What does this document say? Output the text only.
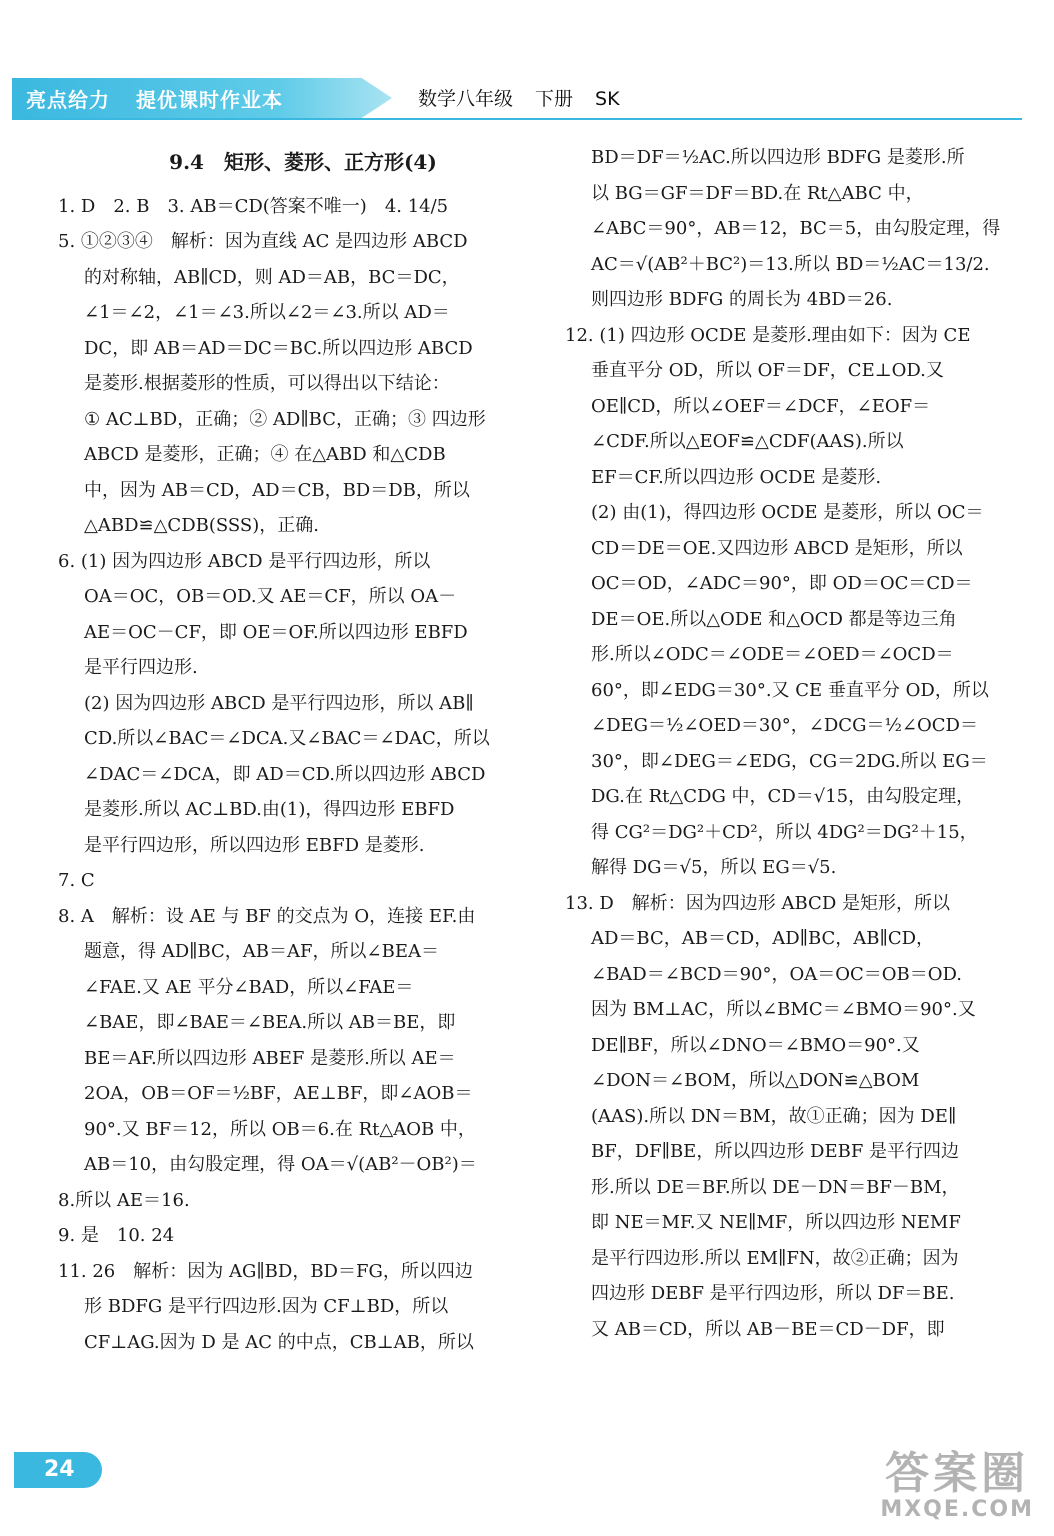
亮点给力 提优课时作业本	数学八年级 下册 SK
9.4　矩形、菱形、正方形(4)
1. D　2. B　3. AB＝CD(答案不唯一)　4. 14/5
5. ①②③④　解析：因为直线 AC 是四边形 ABCD
的对称轴，AB∥CD，则 AD＝AB，BC＝DC，
∠1＝∠2，∠1＝∠3.所以∠2＝∠3.所以 AD＝
DC，即 AB＝AD＝DC＝BC.所以四边形 ABCD
是菱形.根据菱形的性质，可以得出以下结论：
① AC⊥BD，正确；② AD∥BC，正确；③ 四边形
ABCD 是菱形，正确；④ 在△ABD 和△CDB
中，因为 AB＝CD，AD＝CB，BD＝DB，所以
△ABD≌△CDB(SSS)，正确.
6. (1) 因为四边形 ABCD 是平行四边形，所以
OA＝OC，OB＝OD.又 AE＝CF，所以 OA－
AE＝OC－CF，即 OE＝OF.所以四边形 EBFD
是平行四边形.
(2) 因为四边形 ABCD 是平行四边形，所以 AB∥
CD.所以∠BAC＝∠DCA.又∠BAC＝∠DAC，所以
∠DAC＝∠DCA，即 AD＝CD.所以四边形 ABCD
是菱形.所以 AC⊥BD.由(1)，得四边形 EBFD
是平行四边形，所以四边形 EBFD 是菱形.
7. C
8. A　解析：设 AE 与 BF 的交点为 O，连接 EF.由
题意，得 AD∥BC，AB＝AF，所以∠BEA＝
∠FAE.又 AE 平分∠BAD，所以∠FAE＝
∠BAE，即∠BAE＝∠BEA.所以 AB＝BE，即
BE＝AF.所以四边形 ABEF 是菱形.所以 AE＝
2OA，OB＝OF＝½BF，AE⊥BF，即∠AOB＝
90°.又 BF＝12，所以 OB＝6.在 Rt△AOB 中，
AB＝10，由勾股定理，得 OA＝√(AB²－OB²)＝
8.所以 AE＝16.
9. 是　10. 24
11. 26　解析：因为 AG∥BD，BD＝FG，所以四边
形 BDFG 是平行四边形.因为 CF⊥BD，所以
CF⊥AG.因为 D 是 AC 的中点，CB⊥AB，所以
BD＝DF＝½AC.所以四边形 BDFG 是菱形.所
以 BG＝GF＝DF＝BD.在 Rt△ABC 中，
∠ABC＝90°，AB＝12，BC＝5，由勾股定理，得
AC＝√(AB²＋BC²)＝13.所以 BD＝½AC＝13/2.
则四边形 BDFG 的周长为 4BD＝26.
12. (1) 四边形 OCDE 是菱形.理由如下：因为 CE
垂直平分 OD，所以 OF＝DF，CE⊥OD.又
OE∥CD，所以∠OEF＝∠DCF，∠EOF＝
∠CDF.所以△EOF≌△CDF(AAS).所以
EF＝CF.所以四边形 OCDE 是菱形.
(2) 由(1)，得四边形 OCDE 是菱形，所以 OC＝
CD＝DE＝OE.又四边形 ABCD 是矩形，所以
OC＝OD，∠ADC＝90°，即 OD＝OC＝CD＝
DE＝OE.所以△ODE 和△OCD 都是等边三角
形.所以∠ODC＝∠ODE＝∠OED＝∠OCD＝
60°，即∠EDG＝30°.又 CE 垂直平分 OD，所以
∠DEG＝½∠OED＝30°，∠DCG＝½∠OCD＝
30°，即∠DEG＝∠EDG，CG＝2DG.所以 EG＝
DG.在 Rt△CDG 中，CD＝√15，由勾股定理，
得 CG²＝DG²＋CD²，所以 4DG²＝DG²＋15，
解得 DG＝√5，所以 EG＝√5.
13. D　解析：因为四边形 ABCD 是矩形，所以
AD＝BC，AB＝CD，AD∥BC，AB∥CD，
∠BAD＝∠BCD＝90°，OA＝OC＝OB＝OD.
因为 BM⊥AC，所以∠BMC＝∠BMO＝90°.又
DE∥BF，所以∠DNO＝∠BMO＝90°.又
∠DON＝∠BOM，所以△DON≌△BOM
(AAS).所以 DN＝BM，故①正确；因为 DE∥
BF，DF∥BE，所以四边形 DEBF 是平行四边
形.所以 DE＝BF.所以 DE－DN＝BF－BM，
即 NE＝MF.又 NE∥MF，所以四边形 NEMF
是平行四边形.所以 EM∥FN，故②正确；因为
四边形 DEBF 是平行四边形，所以 DF＝BE.
又 AB＝CD，所以 AB－BE＝CD－DF，即
24	答案圈
MXQE.COM
